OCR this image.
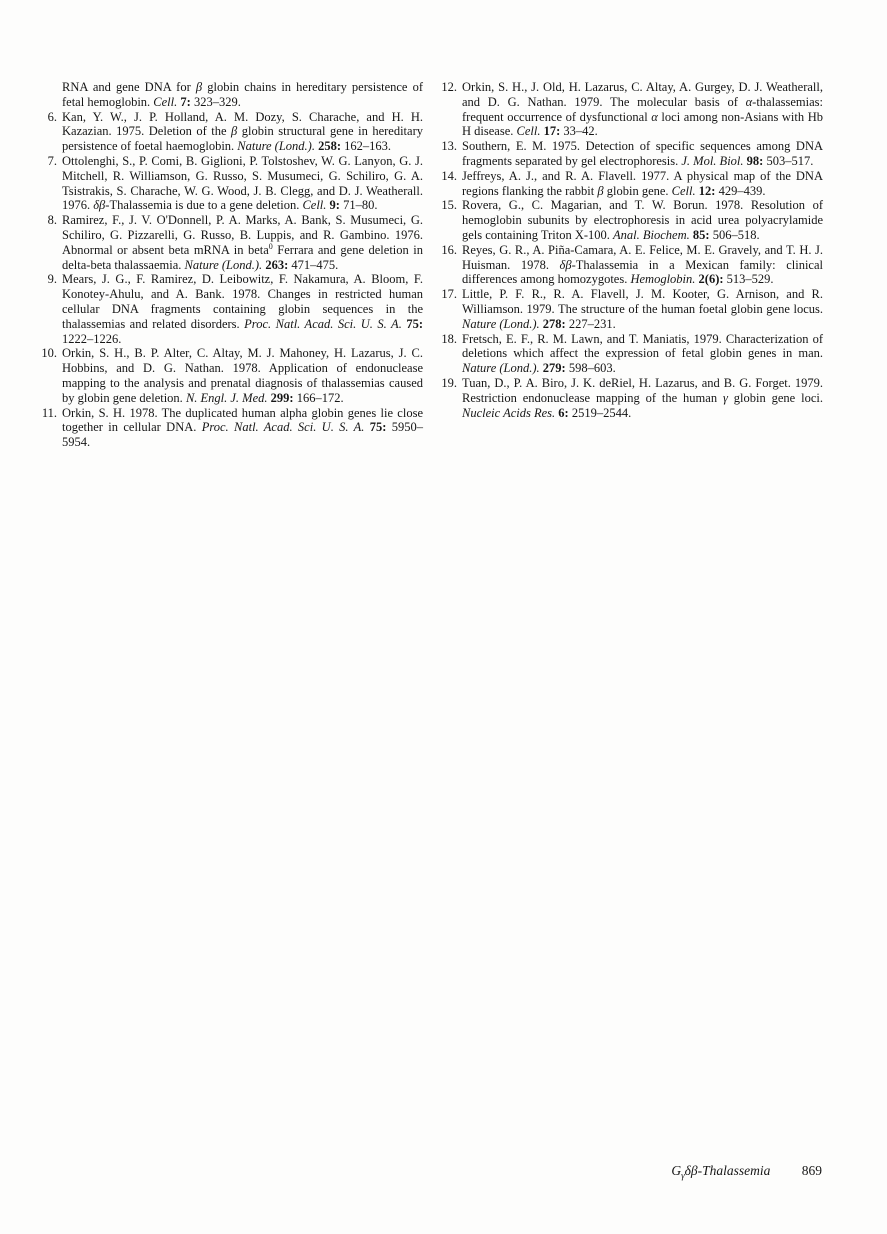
RNA and gene DNA for β globin chains in hereditary persistence of fetal hemoglobin. Cell. 7: 323–329.
6. Kan, Y. W., J. P. Holland, A. M. Dozy, S. Charache, and H. H. Kazazian. 1975. Deletion of the β globin structural gene in hereditary persistence of foetal haemoglobin. Nature (Lond.). 258: 162–163.
7. Ottolenghi, S., P. Comi, B. Giglioni, P. Tolstoshev, W. G. Lanyon, G. J. Mitchell, R. Williamson, G. Russo, S. Musumeci, G. Schiliro, G. A. Tsistrakis, S. Charache, W. G. Wood, J. B. Clegg, and D. J. Weatherall. 1976. δβ-Thalassemia is due to a gene deletion. Cell. 9: 71–80.
8. Ramirez, F., J. V. O'Donnell, P. A. Marks, A. Bank, S. Musumeci, G. Schiliro, G. Pizzarelli, G. Russo, B. Luppis, and R. Gambino. 1976. Abnormal or absent beta mRNA in beta$^0$ Ferrara and gene deletion in delta-beta thalassaemia. Nature (Lond.). 263: 471–475.
9. Mears, J. G., F. Ramirez, D. Leibowitz, F. Nakamura, A. Bloom, F. Konotey-Ahulu, and A. Bank. 1978. Changes in restricted human cellular DNA fragments containing globin sequences in the thalassemias and related disorders. Proc. Natl. Acad. Sci. U. S. A. 75: 1222–1226.
10. Orkin, S. H., B. P. Alter, C. Altay, M. J. Mahoney, H. Lazarus, J. C. Hobbins, and D. G. Nathan. 1978. Application of endonuclease mapping to the analysis and prenatal diagnosis of thalassemias caused by globin gene deletion. N. Engl. J. Med. 299: 166–172.
11. Orkin, S. H. 1978. The duplicated human alpha globin genes lie close together in cellular DNA. Proc. Natl. Acad. Sci. U. S. A. 75: 5950–5954.
12. Orkin, S. H., J. Old, H. Lazarus, C. Altay, A. Gurgey, D. J. Weatherall, and D. G. Nathan. 1979. The molecular basis of α-thalassemias: frequent occurrence of dysfunctional α loci among non-Asians with Hb H disease. Cell. 17: 33–42.
13. Southern, E. M. 1975. Detection of specific sequences among DNA fragments separated by gel electrophoresis. J. Mol. Biol. 98: 503–517.
14. Jeffreys, A. J., and R. A. Flavell. 1977. A physical map of the DNA regions flanking the rabbit β globin gene. Cell. 12: 429–439.
15. Rovera, G., C. Magarian, and T. W. Borun. 1978. Resolution of hemoglobin subunits by electrophoresis in acid urea polyacrylamide gels containing Triton X-100. Anal. Biochem. 85: 506–518.
16. Reyes, G. R., A. Piña-Camara, A. E. Felice, M. E. Gravely, and T. H. J. Huisman. 1978. δβ-Thalassemia in a Mexican family: clinical differences among homozygotes. Hemoglobin. 2(6): 513–529.
17. Little, P. F. R., R. A. Flavell, J. M. Kooter, G. Arnison, and R. Williamson. 1979. The structure of the human foetal globin gene locus. Nature (Lond.). 278: 227–231.
18. Fretsch, E. F., R. M. Lawn, and T. Maniatis, 1979. Characterization of deletions which affect the expression of fetal globin genes in man. Nature (Lond.). 279: 598–603.
19. Tuan, D., P. A. Biro, J. K. deRiel, H. Lazarus, and B. G. Forget. 1979. Restriction endonuclease mapping of the human γ globin gene loci. Nucleic Acids Res. 6: 2519–2544.
$G_\gamma\delta\beta$-Thalassemia 869
